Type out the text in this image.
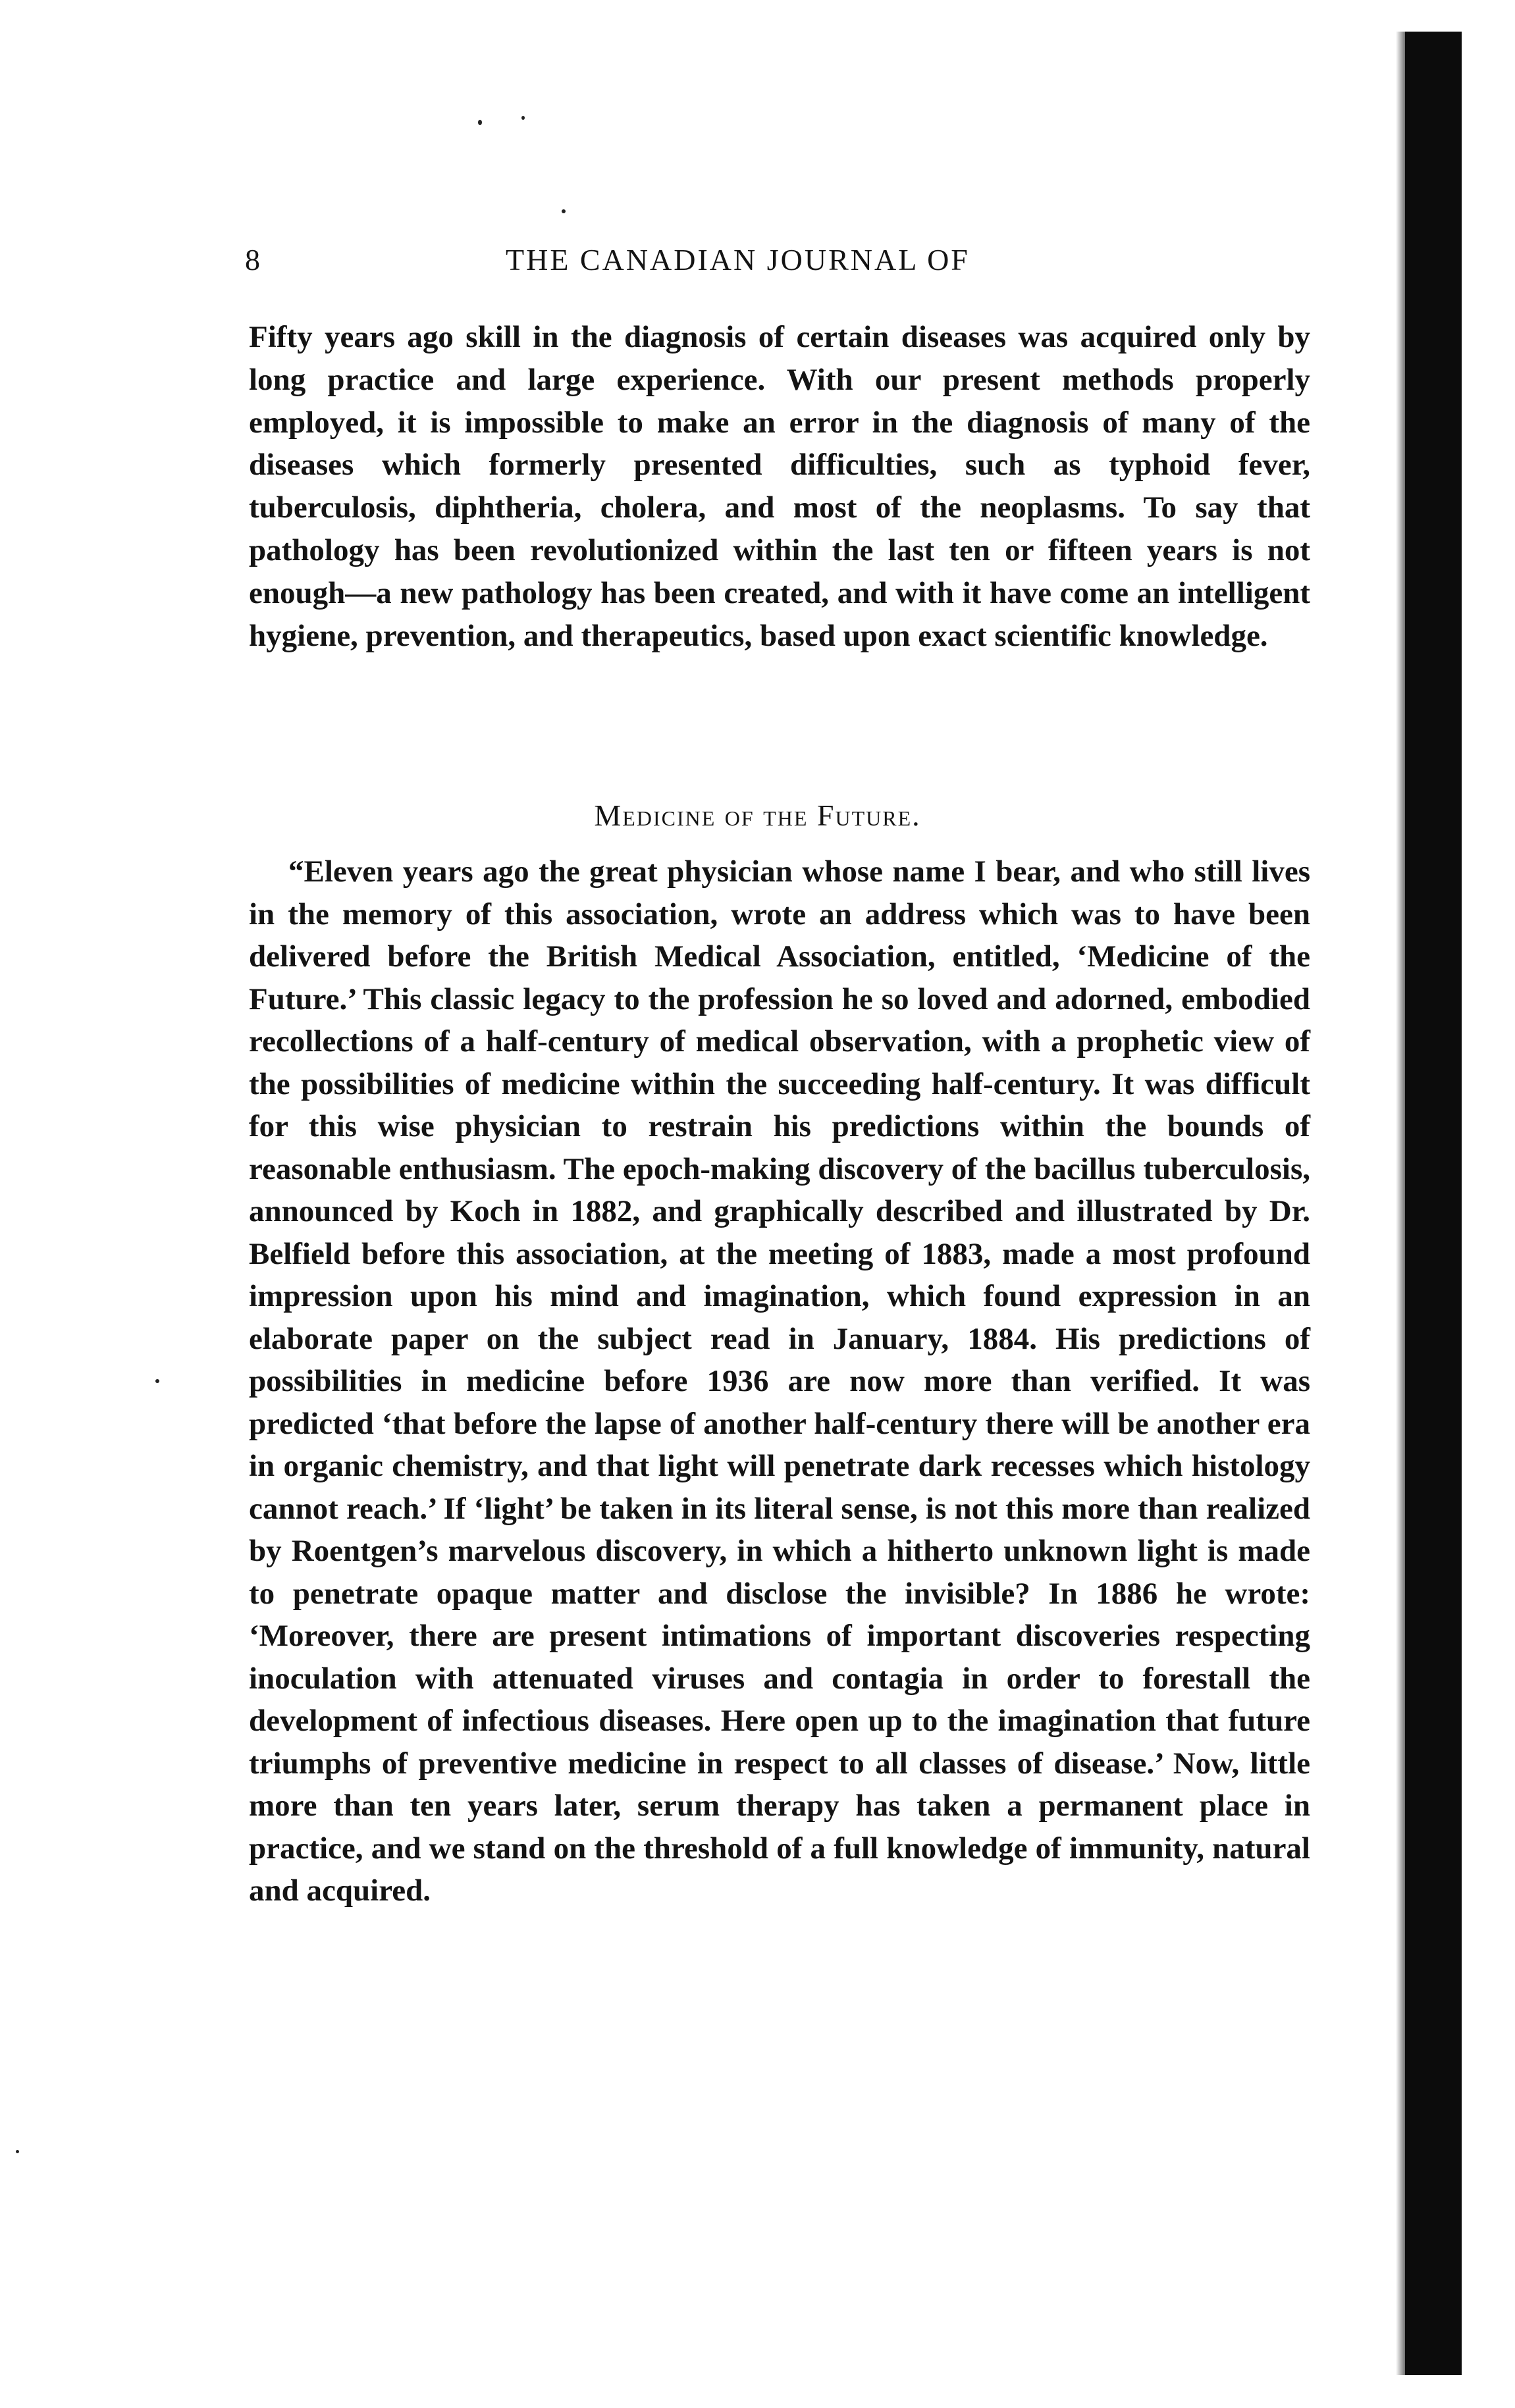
8	THE CANADIAN JOURNAL OF
Fifty years ago skill in the diagnosis of certain diseases was acquired only by long practice and large experience. With our present methods properly employed, it is impossible to make an error in the diagnosis of many of the diseases which formerly presented difficulties, such as typhoid fever, tuberculosis, diphtheria, cholera, and most of the neoplasms. To say that pathology has been revolutionized within the last ten or fifteen years is not enough—a new pathology has been created, and with it have come an intelligent hygiene, prevention, and therapeutics, based upon exact scientific knowledge.
Medicine of the Future.
“Eleven years ago the great physician whose name I bear, and who still lives in the memory of this association, wrote an address which was to have been delivered before the British Medical Association, entitled, ‘Medicine of the Future.’ This classic legacy to the profession he so loved and adorned, embodied recollections of a half-century of medical observation, with a prophetic view of the possibilities of medicine within the succeeding half-century. It was difficult for this wise physician to restrain his predictions within the bounds of reasonable enthusiasm. The epoch-making discovery of the bacillus tuberculosis, announced by Koch in 1882, and graphically described and illustrated by Dr. Belfield before this association, at the meeting of 1883, made a most profound impression upon his mind and imagination, which found expression in an elaborate paper on the subject read in January, 1884. His predictions of possibilities in medicine before 1936 are now more than verified. It was predicted ‘that before the lapse of another half-century there will be another era in organic chemistry, and that light will penetrate dark recesses which histology cannot reach.’ If ‘light’ be taken in its literal sense, is not this more than realized by Roentgen’s marvelous discovery, in which a hitherto unknown light is made to penetrate opaque matter and disclose the invisible? In 1886 he wrote: ‘Moreover, there are present intimations of important discoveries respecting inoculation with attenuated viruses and contagia in order to forestall the development of infectious diseases. Here open up to the imagination that future triumphs of preventive medicine in respect to all classes of disease.’ Now, little more than ten years later, serum therapy has taken a permanent place in practice, and we stand on the threshold of a full knowledge of immunity, natural and acquired.
